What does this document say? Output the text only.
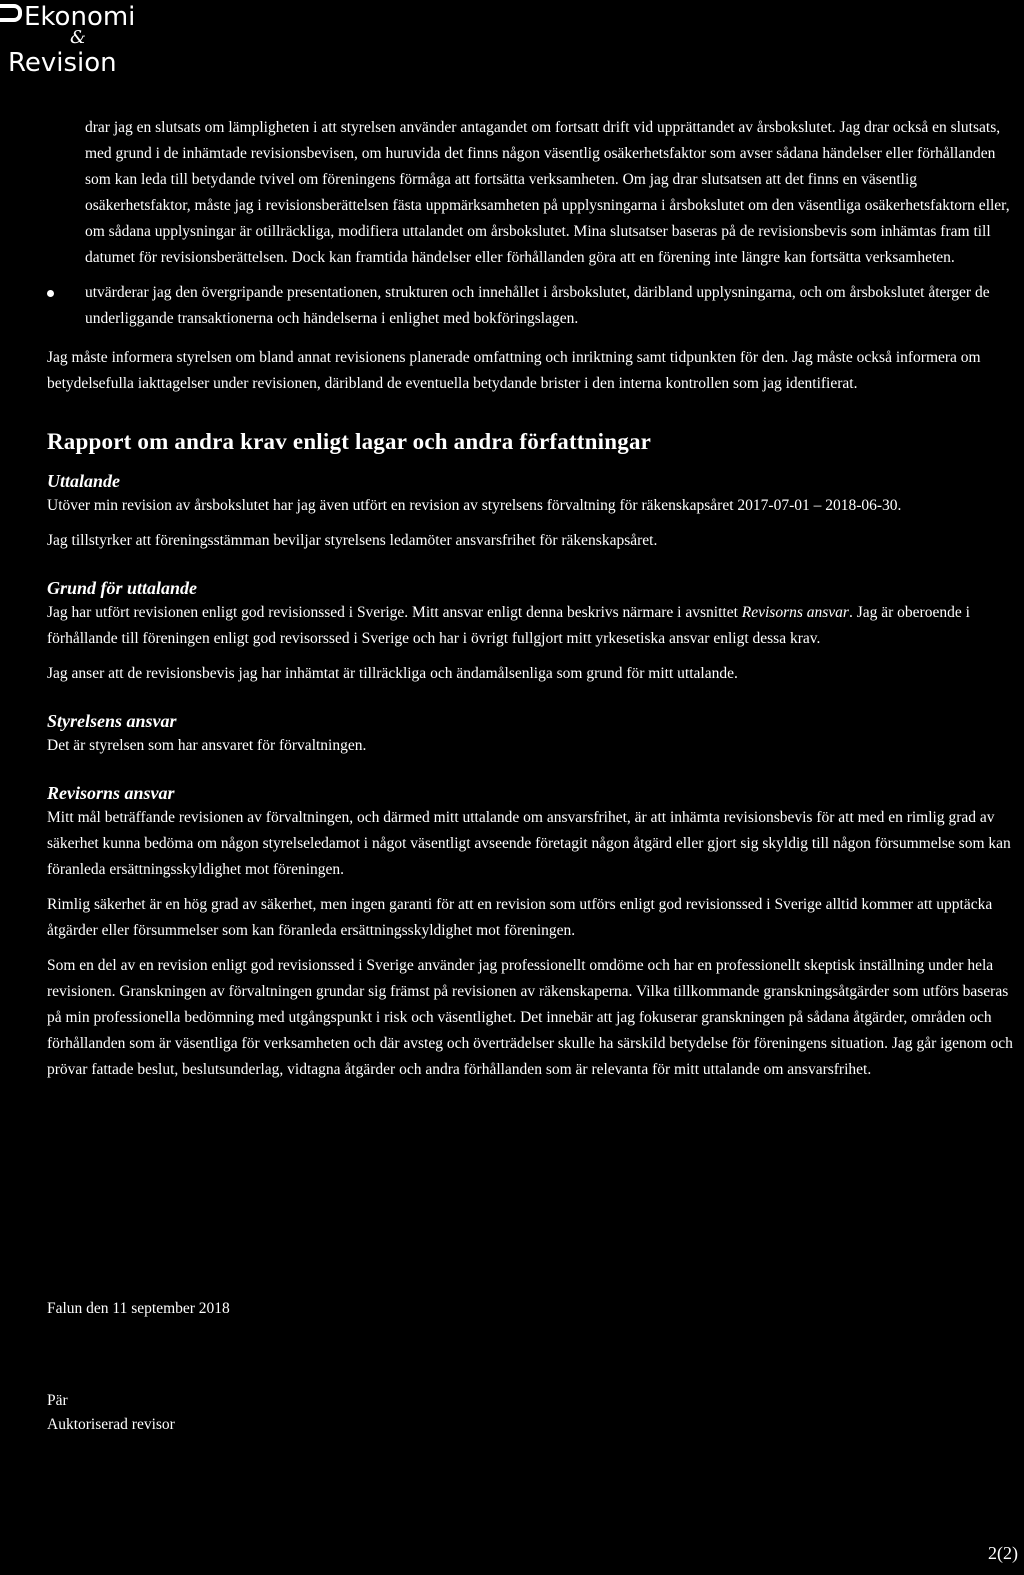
Ekonomi
&
Revision

drar jag en slutsats om lämpligheten i att styrelsen använder antagandet om fortsatt drift vid upprättandet av årsbokslutet. Jag drar också en slutsats, med grund i de inhämtade revisionsbevisen, om huruvida det finns någon väsentlig osäkerhetsfaktor som avser sådana händelser eller förhållanden som kan leda till betydande tvivel om föreningens förmåga att fortsätta verksamheten. Om jag drar slutsatsen att det finns en väsentlig osäkerhetsfaktor, måste jag i revisionsberättelsen fästa uppmärksamheten på upplysningarna i årsbokslutet om den väsentliga osäkerhetsfaktorn eller, om sådana upplysningar är otillräckliga, modifiera uttalandet om årsbokslutet. Mina slutsatser baseras på de revisionsbevis som inhämtas fram till datumet för revisionsberättelsen. Dock kan framtida händelser eller förhållanden göra att en förening inte längre kan fortsätta verksamheten.

utvärderar jag den övergripande presentationen, strukturen och innehållet i årsbokslutet, däribland upplysningarna, och om årsbokslutet återger de underliggande transaktionerna och händelserna i enlighet med bokföringslagen.

Jag måste informera styrelsen om bland annat revisionens planerade omfattning och inriktning samt tidpunkten för den. Jag måste också informera om betydelsefulla iakttagelser under revisionen, däribland de eventuella betydande brister i den interna kontrollen som jag identifierat.

Rapport om andra krav enligt lagar och andra författningar
Uttalande

Utöver min revision av årsbokslutet har jag även utfört en revision av styrelsens förvaltning för räkenskapsåret 2017-07-01 – 2018-06-30.

Jag tillstyrker att föreningsstämman beviljar styrelsens ledamöter ansvarsfrihet för räkenskapsåret.

Grund för uttalande

Jag har utfört revisionen enligt god revisionssed i Sverige. Mitt ansvar enligt denna beskrivs närmare i avsnittet Revisorns ansvar. Jag är oberoende i förhållande till föreningen enligt god revisorssed i Sverige och har i övrigt fullgjort mitt yrkesetiska ansvar enligt dessa krav.

Jag anser att de revisionsbevis jag har inhämtat är tillräckliga och ändamålsenliga som grund för mitt uttalande.

Styrelsens ansvar

Det är styrelsen som har ansvaret för förvaltningen.

Revisorns ansvar

Mitt mål beträffande revisionen av förvaltningen, och därmed mitt uttalande om ansvarsfrihet, är att inhämta revisionsbevis för att med en rimlig grad av säkerhet kunna bedöma om någon styrelseledamot i något väsentligt avseende företagit någon åtgärd eller gjort sig skyldig till någon försummelse som kan föranleda ersättningsskyldighet mot föreningen.

Rimlig säkerhet är en hög grad av säkerhet, men ingen garanti för att en revision som utförs enligt god revisionssed i Sverige alltid kommer att upptäcka åtgärder eller försummelser som kan föranleda ersättningsskyldighet mot föreningen.

Som en del av en revision enligt god revisionssed i Sverige använder jag professionellt omdöme och har en professionellt skeptisk inställning under hela revisionen. Granskningen av förvaltningen grundar sig främst på revisionen av räkenskaperna. Vilka tillkommande granskningsåtgärder som utförs baseras på min professionella bedömning med utgångspunkt i risk och väsentlighet. Det innebär att jag fokuserar granskningen på sådana åtgärder, områden och förhållanden som är väsentliga för verksamheten och där avsteg och överträdelser skulle ha särskild betydelse för föreningens situation. Jag går igenom och prövar fattade beslut, beslutsunderlag, vidtagna åtgärder och andra förhållanden som är relevanta för mitt uttalande om ansvarsfrihet.

Falun den 11 september 2018
Pär
Auktoriserad revisor
2(2)
